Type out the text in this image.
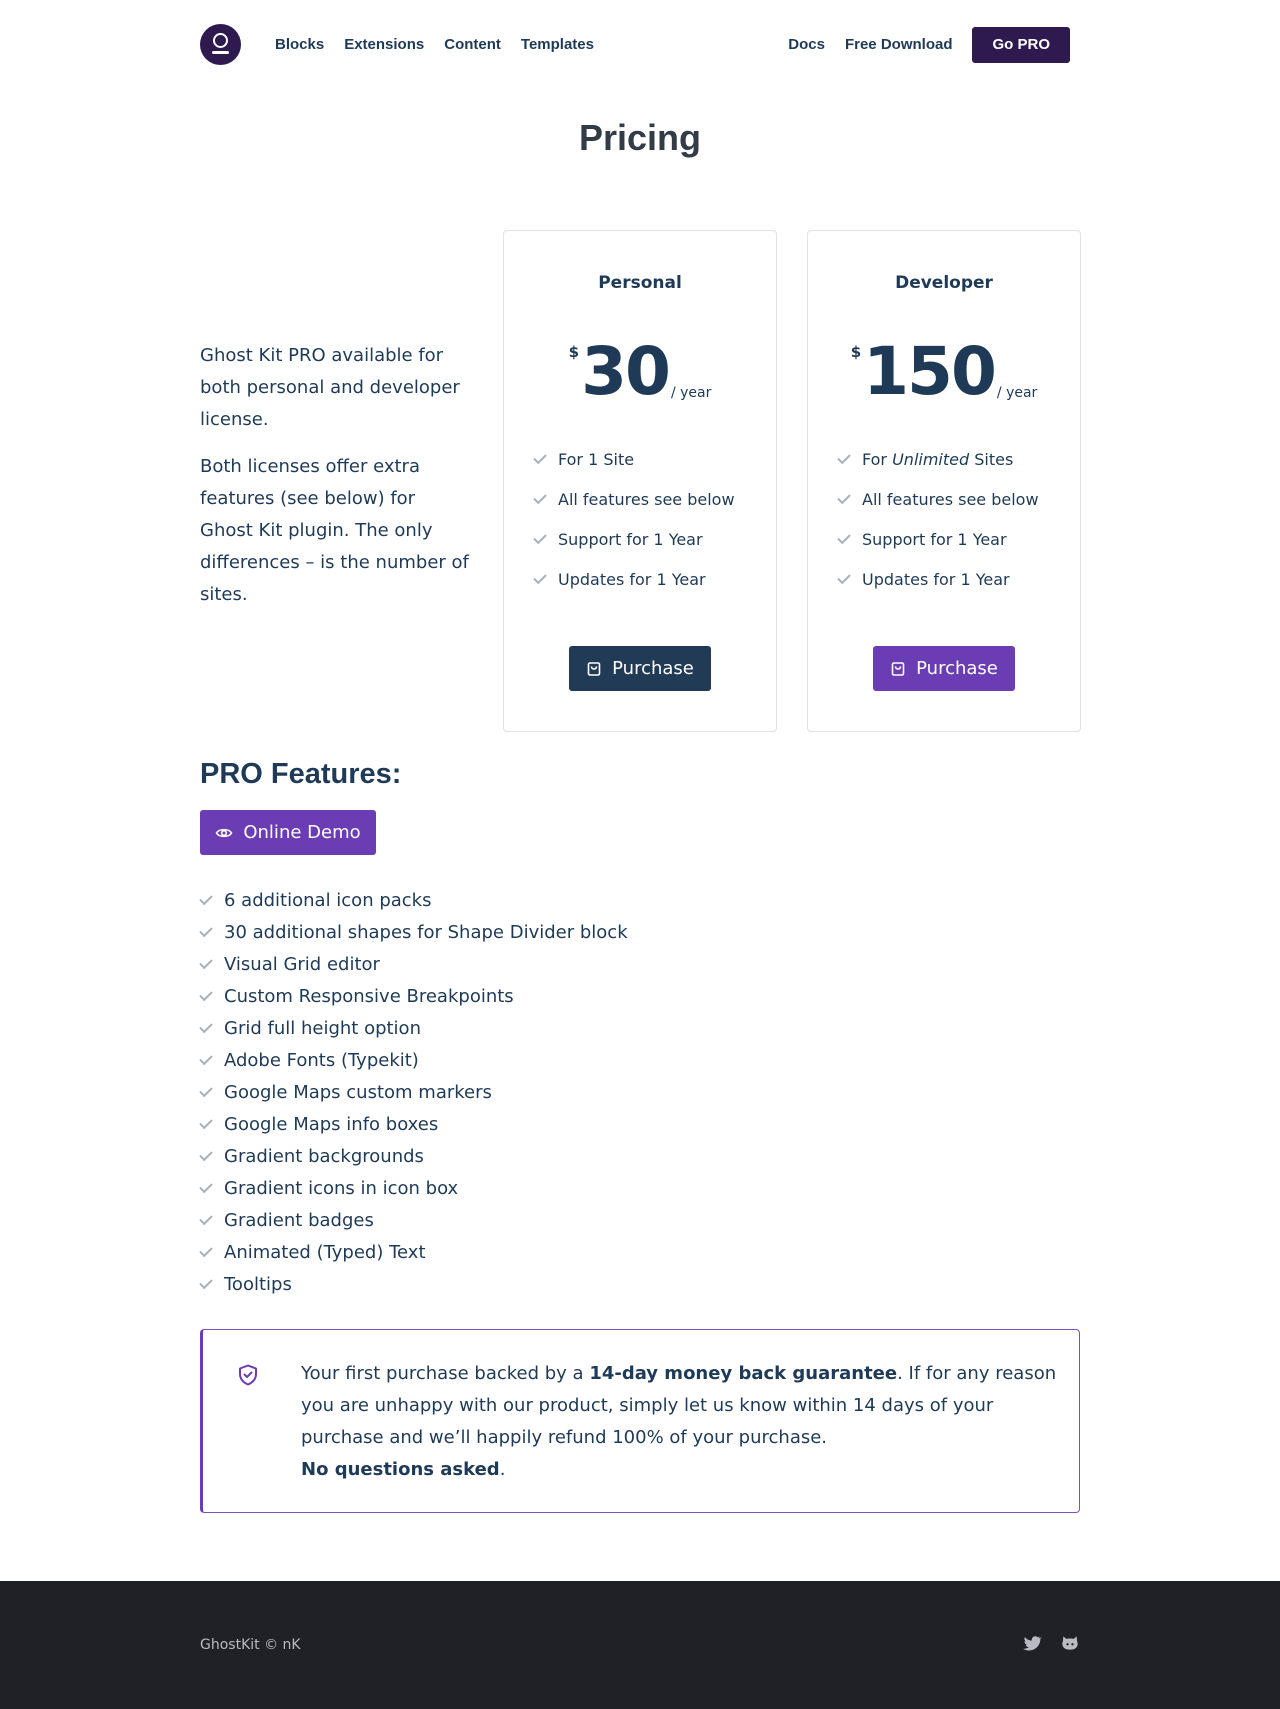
Blocks Extensions Content Templates	Docs Free Download	Go PRO
Pricing

Ghost Kit PRO available for both personal and developer license.

Both licenses offer extra features (see below) for Ghost Kit plugin. The only differences – is the number of sites.

Personal
$ 30 / year
For 1 Site
All features see below
Support for 1 Year
Updates for 1 Year
Purchase
Developer
$ 150 / year
For
Unlimited
Sites
All features see below
Support for 1 Year
Updates for 1 Year
Purchase
PRO Features:
Online Demo
6 additional icon packs
30 additional shapes for Shape Divider block
Visual Grid editor
Custom Responsive Breakpoints
Grid full height option
Adobe Fonts (Typekit)
Google Maps custom markers
Google Maps info boxes
Gradient backgrounds
Gradient icons in icon box
Gradient badges
Animated (Typed) Text
Tooltips
Your first purchase backed by a 14-day money back guarantee. If for any reason you are unhappy with our product, simply let us know within 14 days of your purchase and we’ll happily refund 100% of your purchase.
No questions asked.
GhostKit © nK
